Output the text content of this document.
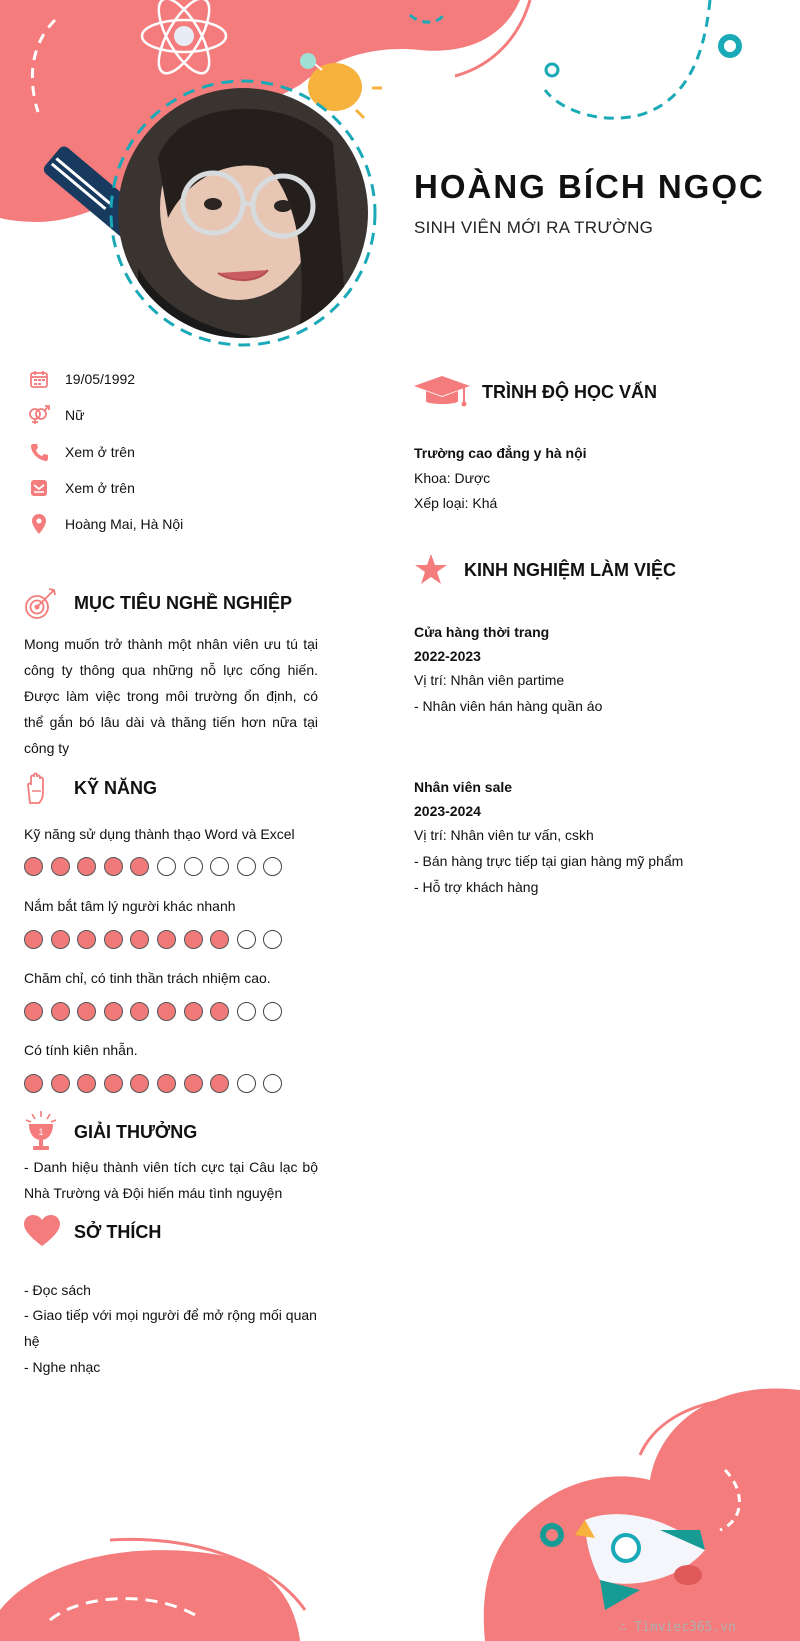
HOÀNG BÍCH NGỌC
SINH VIÊN MỚI RA TRƯỜNG
19/05/1992
Nữ
Xem ở trên
Xem ở trên
Hoàng Mai, Hà Nội
MỤC TIÊU NGHỀ NGHIỆP
Mong muốn trở thành một nhân viên ưu tú tại công ty thông qua những nỗ lực cống hiến. Được làm việc trong môi trường ổn định, có thể gắn bó lâu dài và thăng tiến hơn nữa tại công ty
KỸ NĂNG
Kỹ năng sử dụng thành thạo Word và Excel
Nắm bắt tâm lý người khác nhanh
Chăm chỉ, có tinh thần trách nhiệm cao.
Có tính kiên nhẫn.
1 GIẢI THƯỞNG
- Danh hiệu thành viên tích cực tại Câu lạc bộ Nhà Trường và Đội hiến máu tình nguyện
SỞ THÍCH
- Đọc sách
- Giao tiếp với mọi người để mở rộng mối quan hệ
- Nghe nhạc
TRÌNH ĐỘ HỌC VẤN
Trường cao đẳng y hà nội
Khoa: Dược
Xếp loại: Khá
KINH NGHIỆM LÀM VIỆC
Cửa hàng thời trang
2022-2023
Vị trí: Nhân viên partime
- Nhân viên hán hàng quần áo
Nhân viên sale
2023-2024
Vị trí: Nhân viên tư vấn, cskh
- Bán hàng trực tiếp tại gian hàng mỹ phẩm
- Hỗ trợ khách hàng
∴ Timviec365.vn
